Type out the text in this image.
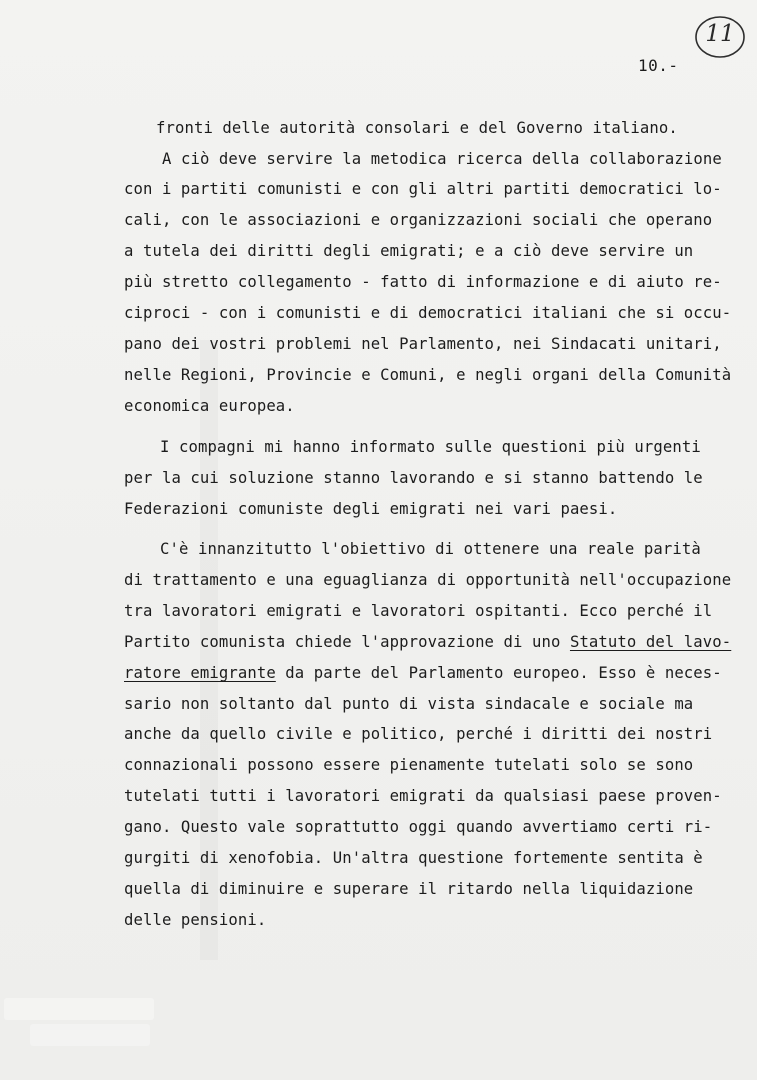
11
10.-
fronti delle autorità consolari e del Governo italiano.
A ciò deve servire la metodica ricerca della collaborazione
con i partiti comunisti e con gli altri partiti democratici lo-
cali, con le associazioni e organizzazioni sociali che operano
a tutela dei diritti degli emigrati; e a ciò deve servire un
più stretto collegamento - fatto di informazione e di aiuto re-
ciproci - con i comunisti e di democratici italiani che si occu-
pano dei vostri problemi nel Parlamento, nei Sindacati unitari,
nelle Regioni, Provincie e Comuni, e negli organi della Comunità
economica europea.
I compagni mi hanno informato sulle questioni più urgenti
per la cui soluzione stanno lavorando e si stanno battendo le
Federazioni comuniste degli emigrati nei vari paesi.
C'è innanzitutto l'obiettivo di ottenere una reale parità
di trattamento e una eguaglianza di opportunità nell'occupazione
tra lavoratori emigrati e lavoratori ospitanti. Ecco perché il
Partito comunista chiede l'approvazione di uno Statuto del lavo-
ratore emigrante da parte del Parlamento europeo. Esso è neces-
sario non soltanto dal punto di vista sindacale e sociale ma
anche da quello civile e politico, perché i diritti dei nostri
connazionali possono essere pienamente tutelati solo se sono
tutelati tutti i lavoratori emigrati da qualsiasi paese proven-
gano. Questo vale soprattutto oggi quando avvertiamo certi ri-
gurgiti di xenofobia. Un'altra questione fortemente sentita è
quella di diminuire e superare il ritardo nella liquidazione
delle pensioni.
